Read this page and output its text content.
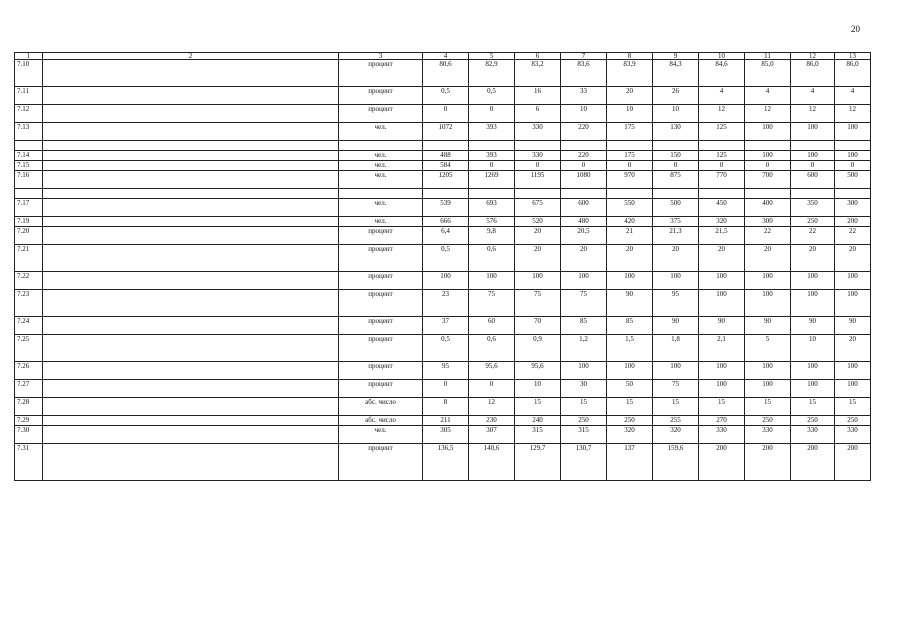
20
1	2	3	4	5	6	7	8	9	10	11	12	13
7.10		процент	80,6	82,9	83,2	83,6	83,9	84,3	84,6	85,0	86,0	86,0
7.11		процент	0,5	0,5	16	33	20	26	4	4	4	4
7.12		процент	0	0	6	10	10	10	12	12	12	12
7.13		чел.	1072	393	330	220	175	130	125	100	100	100

7.14		чел.	488	393	330	220	175	150	125	100	100	100
7.15		чел.	584	0	0	0	0	0	0	0	0	0
7.16		чел.	1205	1269	1195	1080	970	875	770	700	600	500

7.17		чел.	539	693	675	600	550	500	450	400	350	300
7.19		чел.	666	576	520	480	420	375	320	300	250	200
7.20		процент	6,4	9,8	20	20,5	21	21,3	21,5	22	22	22
7.21		процент	0,5	0,6	20	20	20	20	20	20	20	20
7.22		процент	100	100	100	100	100	100	100	100	100	100
7.23		процент	23	75	75	75	90	95	100	100	100	100
7.24		процент	37	60	70	85	85	90	90	90	90	90
7.25		процент	0,5	0,6	0,9	1,2	1,5	1,8	2,1	5	10	20
7.26		процент	95	95,6	95,6	100	100	100	100	100	100	100
7.27		процент	0	0	10	30	50	75	100	100	100	100
7.28		абс. число	8	12	15	15	15	15	15	15	15	15
7.29		абс. число	211	230	240	250	250	255	270	250	250	250
7.30		чел.	305	307	315	315	320	320	330	330	330	330
7.31		процент	136,5	140,6	129,7	130,7	137	159,6	200	200	200	200
